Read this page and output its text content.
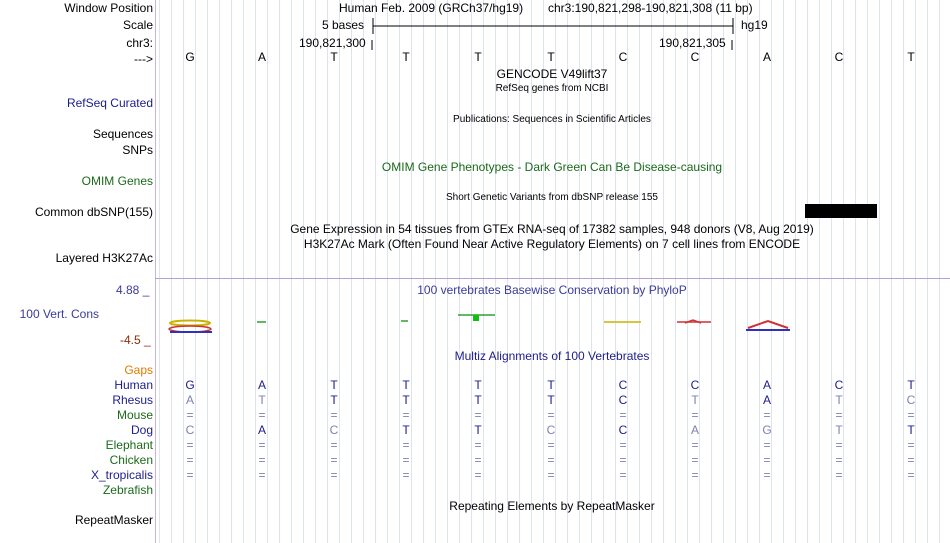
Window Position
Scale
chr3:
--->
Human Feb. 2009 (GRCh37/hg19) chr3:190,821,298-190,821,308 (11 bp)
5 bases	hg19
190,821,300	190,821,305
G	A	T	T	T	T	C	C	A	C	T
GENCODE V49lift37
RefSeq genes from NCBI
RefSeq Curated
Publications: Sequences in Scientific Articles
Sequences
SNPs
OMIM Gene Phenotypes - Dark Green Can Be Disease-causing
OMIM Genes
Short Genetic Variants from dbSNP release 155
Common dbSNP(155)
Gene Expression in 54 tissues from GTEx RNA-seq of 17382 samples, 948 donors (V8, Aug 2019)
H3K27Ac Mark (Often Found Near Active Regulatory Elements) on 7 cell lines from ENCODE
Layered H3K27Ac
100 vertebrates Basewise Conservation by PhyloP
4.88 _
100 Vert. Cons
-4.5 _
Multiz Alignments of 100 Vertebrates
Gaps
Human	G	A	T	T	T	T	C	C	A	C	T
Rhesus	A	T	T	T	T	T	C	T	A	T	C
Mouse	=	=	=	=	=	=	=	=	=	=	=
Dog	C	A	C	T	T	C	C	A	G	T	T
Elephant	=	=	=	=	=	=	=	=	=	=	=
Chicken	=	=	=	=	=	=	=	=	=	=	=
X_tropicalis	=	=	=	=	=	=	=	=	=	=	=
Zebrafish
Repeating Elements by RepeatMasker
RepeatMasker
